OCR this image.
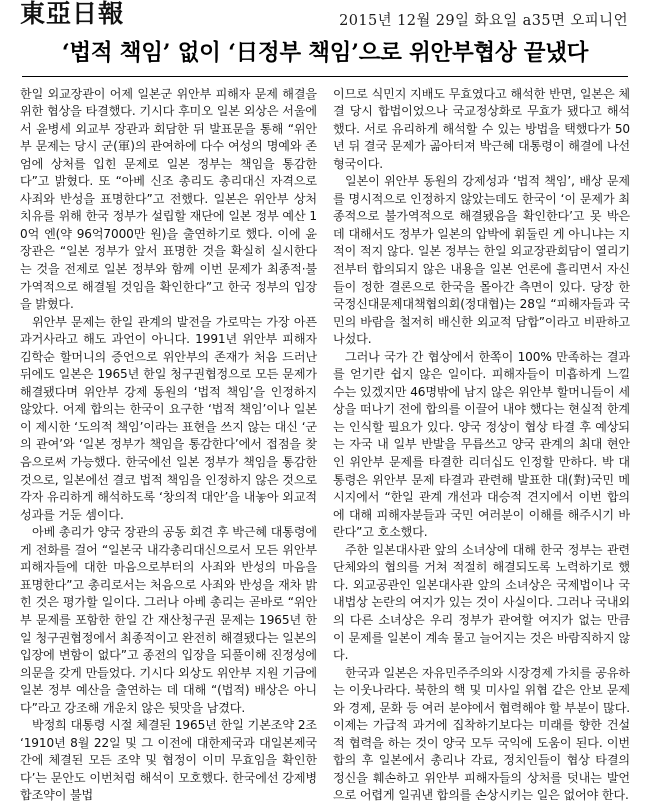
東亞日報	2015년 12월 29일 화요일 a35면 오피니언
‘법적 책임’ 없이 ‘日정부 책임’으로 위안부협상 끝냈다

한일 외교장관이 어제 일본군 위안부 피해자 문제 해결을 위한 협상을 타결했다. 기시다 후미오 일본 외상은 서울에서 윤병세 외교부 장관과 회담한 뒤 발표문을 통해 “위안부 문제는 당시 군(軍)의 관여하에 다수 여성의 명예와 존엄에 상처를 입힌 문제로 일본 정부는 책임을 통감한다”고 밝혔다. 또 “아베 신조 총리도 총리대신 자격으로 사죄와 반성을 표명한다”고 전했다. 일본은 위안부 상처 치유를 위해 한국 정부가 설립할 재단에 일본 정부 예산 10억 엔(약 96억7000만 원)을 출연하기로 했다. 이에 윤 장관은 “일본 정부가 앞서 표명한 것을 확실히 실시한다는 것을 전제로 일본 정부와 함께 이번 문제가 최종적·불가역적으로 해결될 것임을 확인한다”고 한국 정부의 입장을 밝혔다.

위안부 문제는 한일 관계의 발전을 가로막는 가장 아픈 과거사라고 해도 과언이 아니다. 1991년 위안부 피해자 김학순 할머니의 증언으로 위안부의 존재가 처음 드러난 뒤에도 일본은 1965년 한일 청구권협정으로 모든 문제가 해결됐다며 위안부 강제 동원의 ‘법적 책임’을 인정하지 않았다. 어제 합의는 한국이 요구한 ‘법적 책임’이나 일본이 제시한 ‘도의적 책임’이라는 표현을 쓰지 않는 대신 ‘군의 관여’와 ‘일본 정부가 책임을 통감한다’에서 접점을 찾음으로써 가능했다. 한국에선 일본 정부가 책임을 통감한 것으로, 일본에선 결코 법적 책임을 인정하지 않은 것으로 각자 유리하게 해석하도록 ‘창의적 대안’을 내놓아 외교적 성과를 거둔 셈이다.

아베 총리가 양국 장관의 공동 회견 후 박근혜 대통령에게 전화를 걸어 “일본국 내각총리대신으로서 모든 위안부 피해자들에 대한 마음으로부터의 사죄와 반성의 마음을 표명한다”고 총리로서는 처음으로 사죄와 반성을 재차 밝힌 것은 평가할 일이다. 그러나 아베 총리는 곧바로 “위안부 문제를 포함한 한일 간 재산청구권 문제는 1965년 한일 청구권협정에서 최종적이고 완전히 해결됐다는 일본의 입장에 변함이 없다”고 종전의 입장을 되풀이해 진정성에 의문을 갖게 만들었다. 기시다 외상도 위안부 지원 기금에 일본 정부 예산을 출연하는 데 대해 “(법적) 배상은 아니다”라고 강조해 개운치 않은 뒷맛을 남겼다.

박정희 대통령 시절 체결된 1965년 한일 기본조약 2조 ‘1910년 8월 22일 및 그 이전에 대한제국과 대일본제국 간에 체결된 모든 조약 및 협정이 이미 무효임을 확인한다’는 문안도 이번처럼 해석이 모호했다. 한국에선 강제병합조약이 불법

이므로 식민지 지배도 무효였다고 해석한 반면, 일본은 체결 당시 합법이었으나 국교정상화로 무효가 됐다고 해석했다. 서로 유리하게 해석할 수 있는 방법을 택했다가 50년 뒤 결국 문제가 곪아터져 박근혜 대통령이 해결에 나선 형국이다.

일본이 위안부 동원의 강제성과 ‘법적 책임’, 배상 문제를 명시적으로 인정하지 않았는데도 한국이 ‘이 문제가 최종적으로 불가역적으로 해결됐음을 확인한다’고 못 박은 데 대해서도 정부가 일본의 압박에 휘둘린 게 아니냐는 지적이 적지 않다. 일본 정부는 한일 외교장관회담이 열리기 전부터 합의되지 않은 내용을 일본 언론에 흘리면서 자신들이 정한 결론으로 한국을 몰아간 측면이 있다. 당장 한국정신대문제대책협의회(정대협)는 28일 “피해자들과 국민의 바람을 철저히 배신한 외교적 담합”이라고 비판하고 나섰다.

그러나 국가 간 협상에서 한쪽이 100% 만족하는 결과를 얻기란 쉽지 않은 일이다. 피해자들이 미흡하게 느낄 수는 있겠지만 46명밖에 남지 않은 위안부 할머니들이 세상을 떠나기 전에 합의를 이끌어 내야 했다는 현실적 한계는 인식할 필요가 있다. 양국 정상이 협상 타결 후 예상되는 자국 내 일부 반발을 무릅쓰고 양국 관계의 최대 현안인 위안부 문제를 타결한 리더십도 인정할 만하다. 박 대통령은 위안부 문제 타결과 관련해 발표한 대(對)국민 메시지에서 “한일 관계 개선과 대승적 견지에서 이번 합의에 대해 피해자분들과 국민 여러분이 이해를 해주시기 바란다”고 호소했다.

주한 일본대사관 앞의 소녀상에 대해 한국 정부는 관련 단체와의 협의를 거쳐 적절히 해결되도록 노력하기로 했다. 외교공관인 일본대사관 앞의 소녀상은 국제법이나 국내법상 논란의 여지가 있는 것이 사실이다. 그러나 국내외의 다른 소녀상은 우리 정부가 관여할 여지가 없는 만큼 이 문제를 일본이 계속 물고 늘어지는 것은 바람직하지 않다.

한국과 일본은 자유민주주의와 시장경제 가치를 공유하는 이웃나라다. 북한의 핵 및 미사일 위협 같은 안보 문제와 경제, 문화 등 여러 분야에서 협력해야 할 부분이 많다. 이제는 가급적 과거에 집착하기보다는 미래를 향한 건설적 협력을 하는 것이 양국 모두 국익에 도움이 된다. 이번 합의 후 일본에서 총리나 각료, 정치인들이 협상 타결의 정신을 훼손하고 위안부 피해자들의 상처를 덧내는 발언으로 어렵게 일궈낸 합의를 손상시키는 일은 없어야 한다.
